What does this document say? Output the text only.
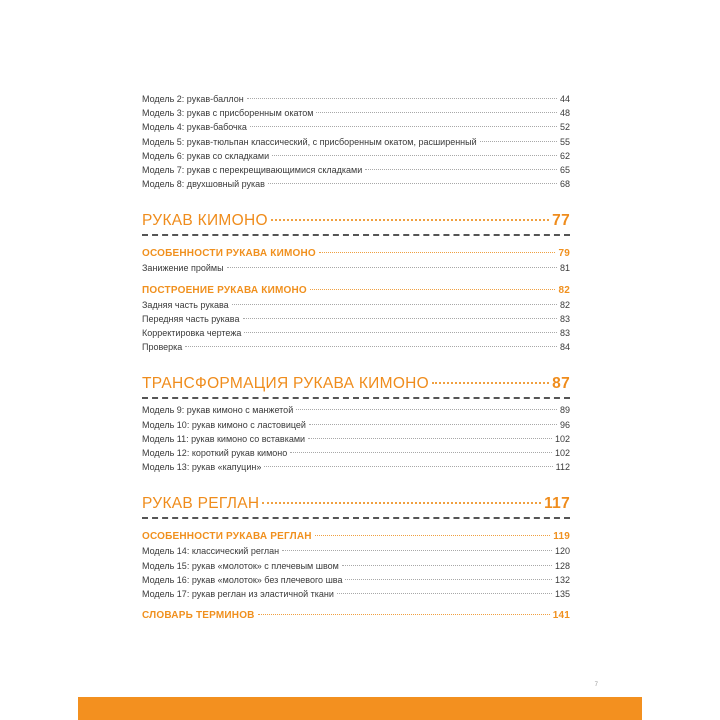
Модель 2: рукав-баллон	44
Модель 3: рукав с присборенным окатом	48
Модель 4: рукав-бабочка	52
Модель 5: рукав-тюльпан классический, с присборенным окатом, расширенный	55
Модель 6: рукав со складками	62
Модель 7: рукав с перекрещивающимися складками	65
Модель 8: двухшовный рукав	68
РУКАВ КИМОНО	77
ОСОБЕННОСТИ РУКАВА КИМОНО	79
Занижение проймы	81
ПОСТРОЕНИЕ РУКАВА КИМОНО	82
Задняя часть рукава	82
Передняя часть рукава	83
Корректировка чертежа	83
Проверка	84
ТРАНСФОРМАЦИЯ РУКАВА КИМОНО	87
Модель 9: рукав кимоно с манжетой	89
Модель 10: рукав кимоно с ластовицей	96
Модель 11: рукав кимоно со вставками	102
Модель 12: короткий рукав кимоно	102
Модель 13: рукав «капуцин»	112
РУКАВ РЕГЛАН	117
ОСОБЕННОСТИ РУКАВА РЕГЛАН	119
Модель 14: классический реглан	120
Модель 15: рукав «молоток» с плечевым швом	128
Модель 16: рукав «молоток» без плечевого шва	132
Модель 17: рукав реглан из эластичной ткани	135
СЛОВАРЬ ТЕРМИНОВ	141
7
